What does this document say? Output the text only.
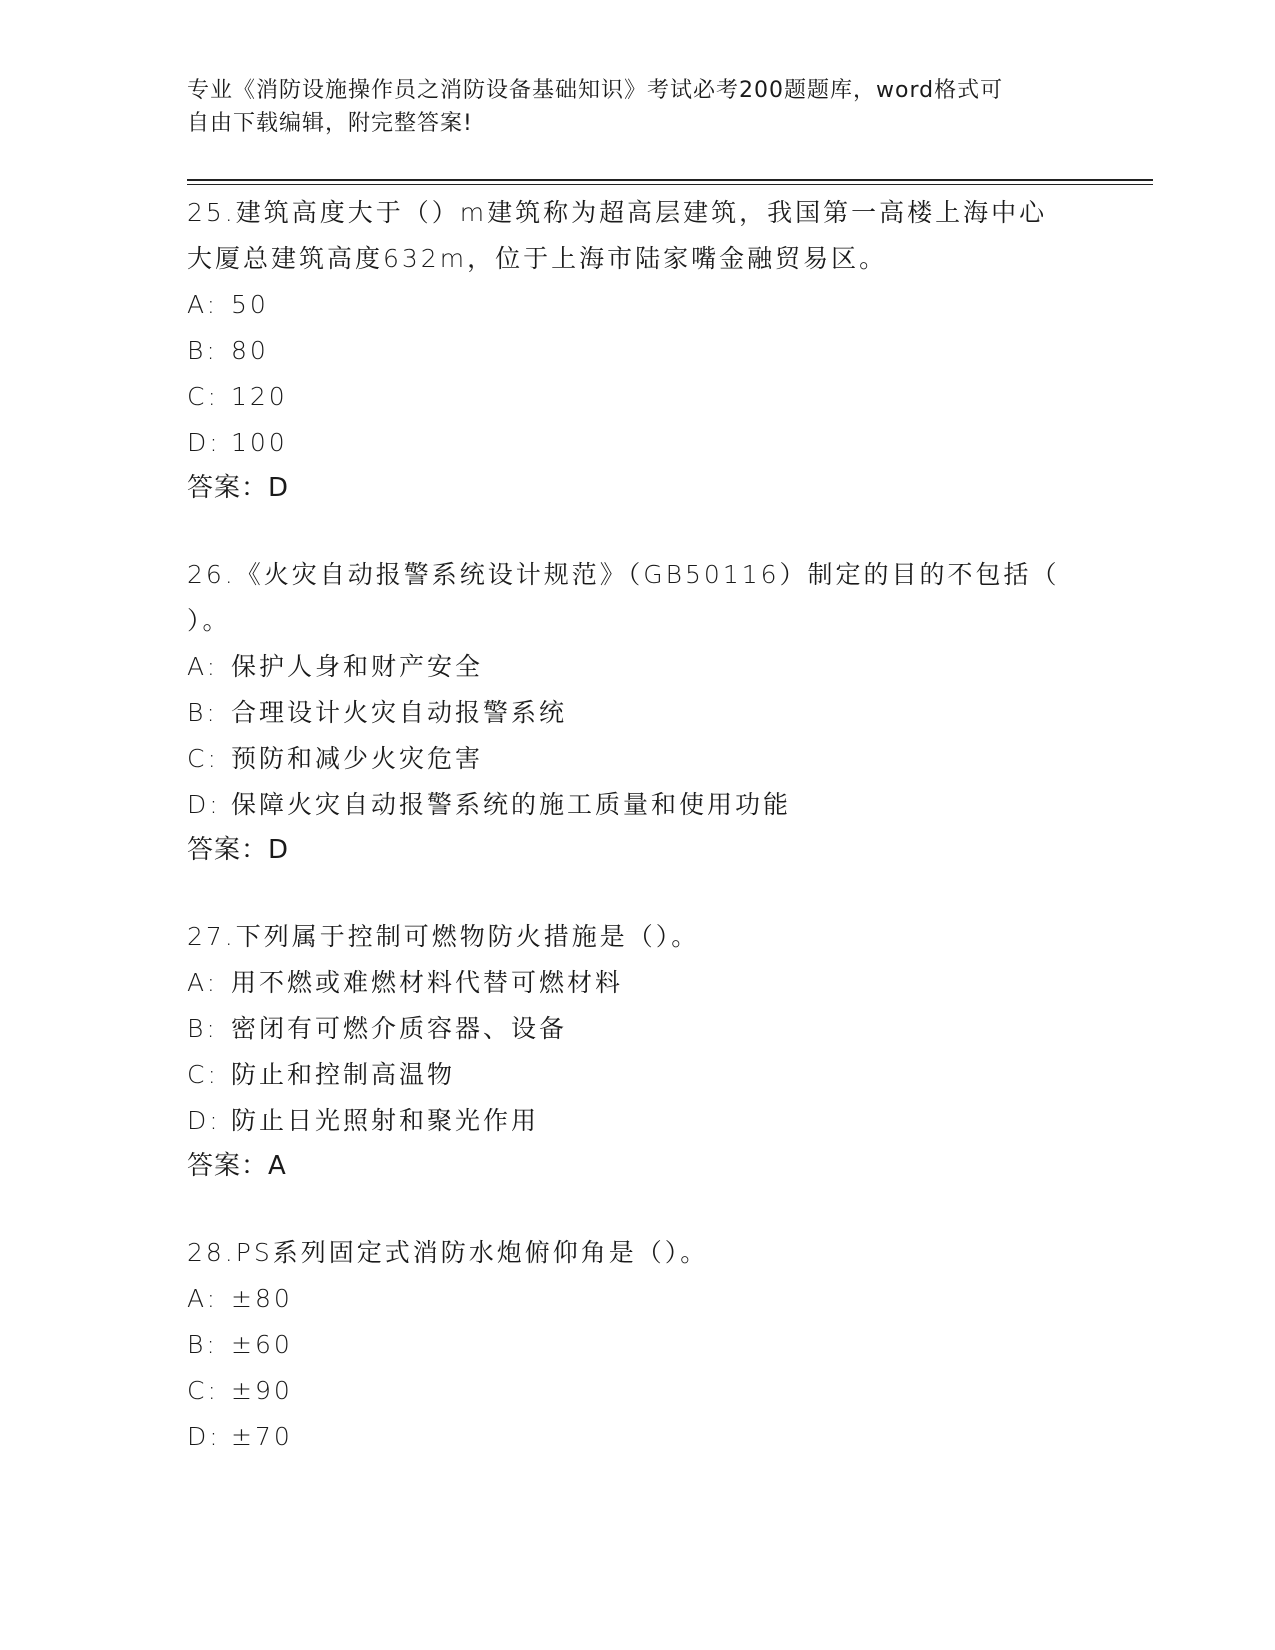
专业《消防设施操作员之消防设备基础知识》考试必考200题题库，word格式可
自由下载编辑，附完整答案!
25.建筑高度大于（）m建筑称为超高层建筑，我国第一高楼上海中心
大厦总建筑高度632m，位于上海市陆家嘴金融贸易区。
A: 50
B: 80
C: 120
D: 100
答案：D
26.《火灾自动报警系统设计规范》（GB50116）制定的目的不包括（
）。
A: 保护人身和财产安全
B: 合理设计火灾自动报警系统
C: 预防和减少火灾危害
D: 保障火灾自动报警系统的施工质量和使用功能
答案：D
27.下列属于控制可燃物防火措施是（）。
A: 用不燃或难燃材料代替可燃材料
B: 密闭有可燃介质容器、设备
C: 防止和控制高温物
D: 防止日光照射和聚光作用
答案：A
28.PS系列固定式消防水炮俯仰角是（）。
A: ±80
B: ±60
C: ±90
D: ±70
